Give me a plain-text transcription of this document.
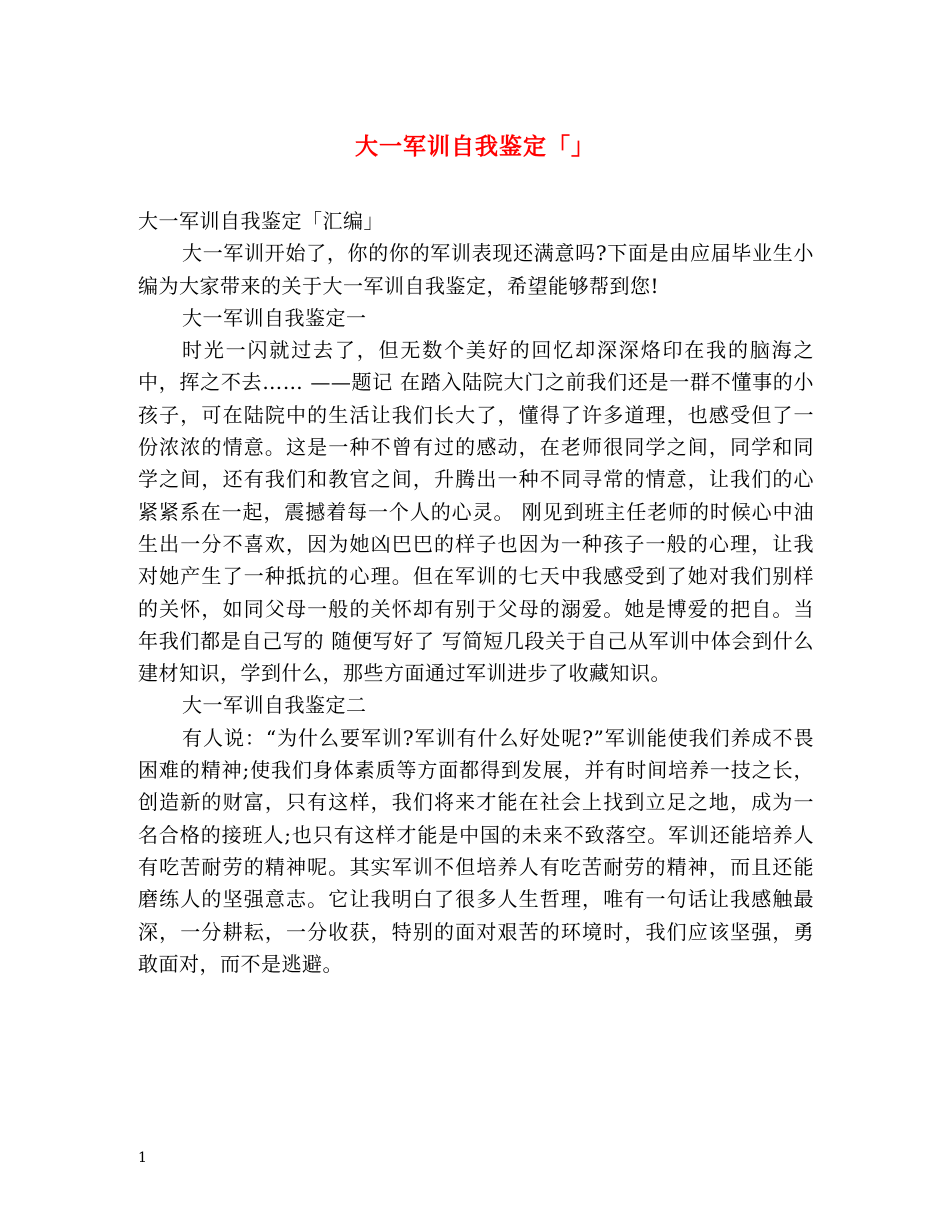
大一军训自我鉴定「」

大一军训自我鉴定「汇编」

大一军训开始了，你的你的军训表现还满意吗?下面是由应届毕业生小编为大家带来的关于大一军训自我鉴定，希望能够帮到您!

大一军训自我鉴定一

时光一闪就过去了，但无数个美好的回忆却深深烙印在我的脑海之中，挥之不去…… ——题记 在踏入陆院大门之前我们还是一群不懂事的小孩子，可在陆院中的生活让我们长大了，懂得了许多道理，也感受但了一份浓浓的情意。这是一种不曾有过的感动，在老师很同学之间，同学和同学之间，还有我们和教官之间，升腾出一种不同寻常的情意，让我们的心紧紧系在一起，震撼着每一个人的心灵。 刚见到班主任老师的时候心中油生出一分不喜欢，因为她凶巴巴的样子也因为一种孩子一般的心理，让我对她产生了一种抵抗的心理。但在军训的七天中我感受到了她对我们别样的关怀，如同父母一般的关怀却有别于父母的溺爱。她是博爱的把自。当年我们都是自己写的 随便写好了 写简短几段关于自己从军训中体会到什么建材知识，学到什么，那些方面通过军训进步了收藏知识。

大一军训自我鉴定二

有人说：“为什么要军训?军训有什么好处呢?”军训能使我们养成不畏困难的精神;使我们身体素质等方面都得到发展，并有时间培养一技之长，创造新的财富，只有这样，我们将来才能在社会上找到立足之地，成为一名合格的接班人;也只有这样才能是中国的未来不致落空。军训还能培养人有吃苦耐劳的精神呢。其实军训不但培养人有吃苦耐劳的精神，而且还能磨练人的坚强意志。它让我明白了很多人生哲理，唯有一句话让我感触最深，一分耕耘，一分收获，特别的面对艰苦的环境时，我们应该坚强，勇敢面对，而不是逃避。

1
